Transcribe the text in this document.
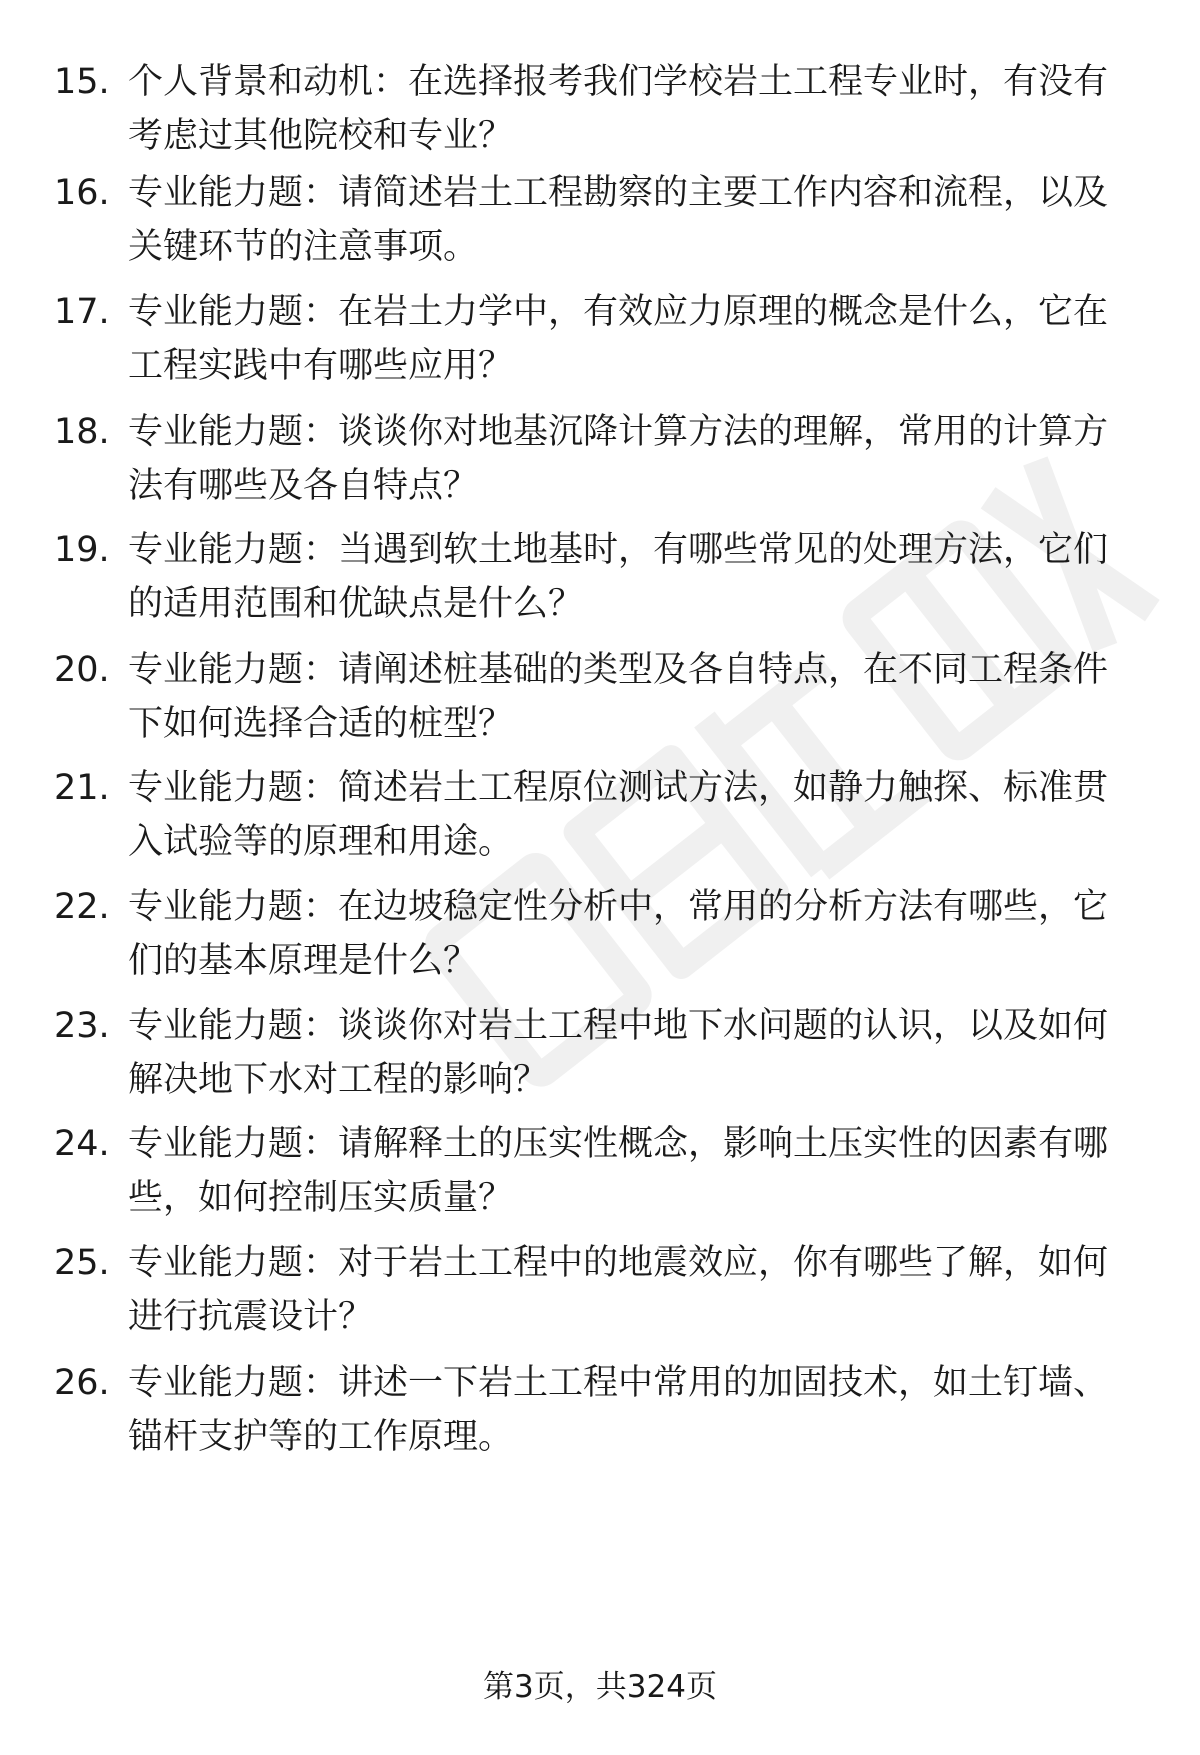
15. 个人背景和动机：在选择报考我们学校岩土工程专业时，有没有考虑过其他院校和专业？
16. 专业能力题：请简述岩土工程勘察的主要工作内容和流程，以及关键环节的注意事项。
17. 专业能力题：在岩土力学中，有效应力原理的概念是什么，它在工程实践中有哪些应用？
18. 专业能力题：谈谈你对地基沉降计算方法的理解，常用的计算方法有哪些及各自特点？
19. 专业能力题：当遇到软土地基时，有哪些常见的处理方法，它们的适用范围和优缺点是什么？
20. 专业能力题：请阐述桩基础的类型及各自特点，在不同工程条件下如何选择合适的桩型？
21. 专业能力题：简述岩土工程原位测试方法，如静力触探、标准贯入试验等的原理和用途。
22. 专业能力题：在边坡稳定性分析中，常用的分析方法有哪些，它们的基本原理是什么？
23. 专业能力题：谈谈你对岩土工程中地下水问题的认识，以及如何解决地下水对工程的影响？
24. 专业能力题：请解释土的压实性概念，影响土压实性的因素有哪些，如何控制压实质量？
25. 专业能力题：对于岩土工程中的地震效应，你有哪些了解，如何进行抗震设计？
26. 专业能力题：讲述一下岩土工程中常用的加固技术，如土钉墙、锚杆支护等的工作原理。
第3页，共324页
